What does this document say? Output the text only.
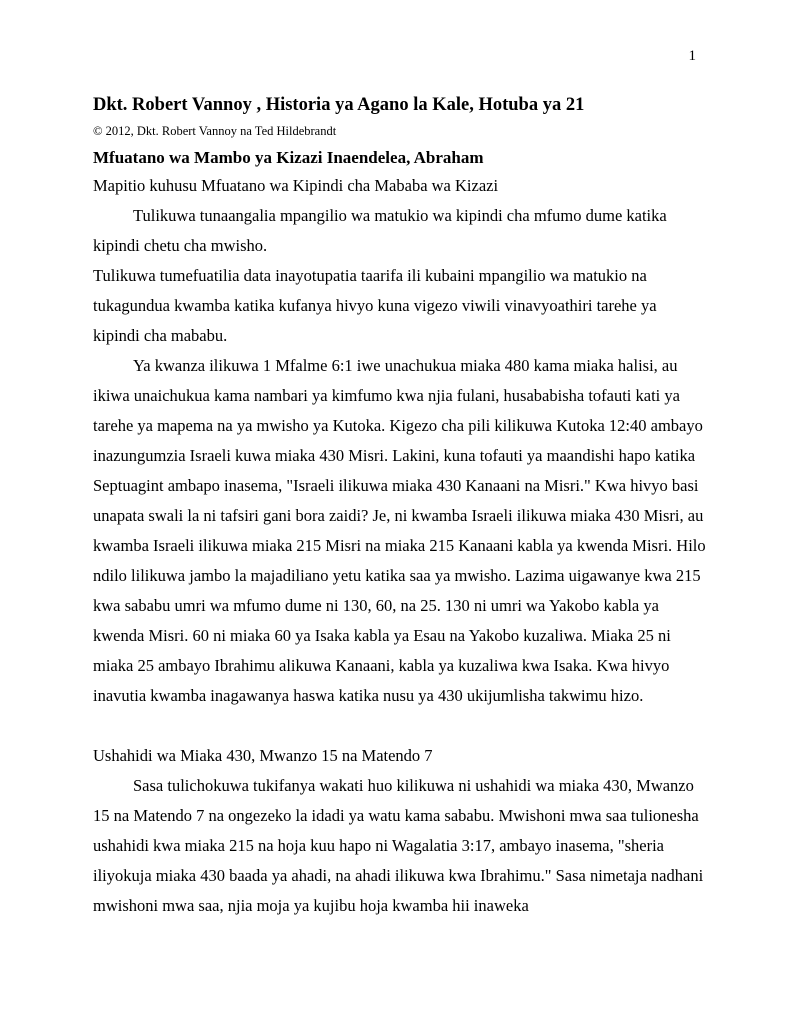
1
Dkt. Robert Vannoy , Historia ya Agano la Kale, Hotuba ya 21

© 2012, Dkt. Robert Vannoy na Ted Hildebrandt

Mfuatano wa Mambo ya Kizazi Inaendelea, Abraham

Mapitio kuhusu Mfuatano wa Kipindi cha Mababa wa Kizazi

Tulikuwa tunaangalia mpangilio wa matukio wa kipindi cha mfumo dume katika kipindi chetu cha mwisho.

Tulikuwa tumefuatilia data inayotupatia taarifa ili kubaini mpangilio wa matukio na tukagundua kwamba katika kufanya hivyo kuna vigezo viwili vinavyoathiri tarehe ya kipindi cha mababu.

Ya kwanza ilikuwa 1 Mfalme 6:1 iwe unachukua miaka 480 kama miaka halisi, au ikiwa unaichukua kama nambari ya kimfumo kwa njia fulani, husababisha tofauti kati ya tarehe ya mapema na ya mwisho ya Kutoka. Kigezo cha pili kilikuwa Kutoka 12:40 ambayo inazungumzia Israeli kuwa miaka 430 Misri. Lakini, kuna tofauti ya maandishi hapo katika Septuagint ambapo inasema, "Israeli ilikuwa miaka 430 Kanaani na Misri." Kwa hivyo basi unapata swali la ni tafsiri gani bora zaidi? Je, ni kwamba Israeli ilikuwa miaka 430 Misri, au kwamba Israeli ilikuwa miaka 215 Misri na miaka 215 Kanaani kabla ya kwenda Misri. Hilo ndilo lilikuwa jambo la majadiliano yetu katika saa ya mwisho. Lazima uigawanye kwa 215 kwa sababu umri wa mfumo dume ni 130, 60, na 25. 130 ni umri wa Yakobo kabla ya kwenda Misri. 60 ni miaka 60 ya Isaka kabla ya Esau na Yakobo kuzaliwa. Miaka 25 ni miaka 25 ambayo Ibrahimu alikuwa Kanaani, kabla ya kuzaliwa kwa Isaka. Kwa hivyo inavutia kwamba inagawanya haswa katika nusu ya 430 ukijumlisha takwimu hizo.

Ushahidi wa Miaka 430, Mwanzo 15 na Matendo 7

Sasa tulichokuwa tukifanya wakati huo kilikuwa ni ushahidi wa miaka 430, Mwanzo 15 na Matendo 7 na ongezeko la idadi ya watu kama sababu. Mwishoni mwa saa tulionesha ushahidi kwa miaka 215 na hoja kuu hapo ni Wagalatia 3:17, ambayo inasema, "sheria iliyokuja miaka 430 baada ya ahadi, na ahadi ilikuwa kwa Ibrahimu." Sasa nimetaja nadhani mwishoni mwa saa, njia moja ya kujibu hoja kwamba hii inaweka
